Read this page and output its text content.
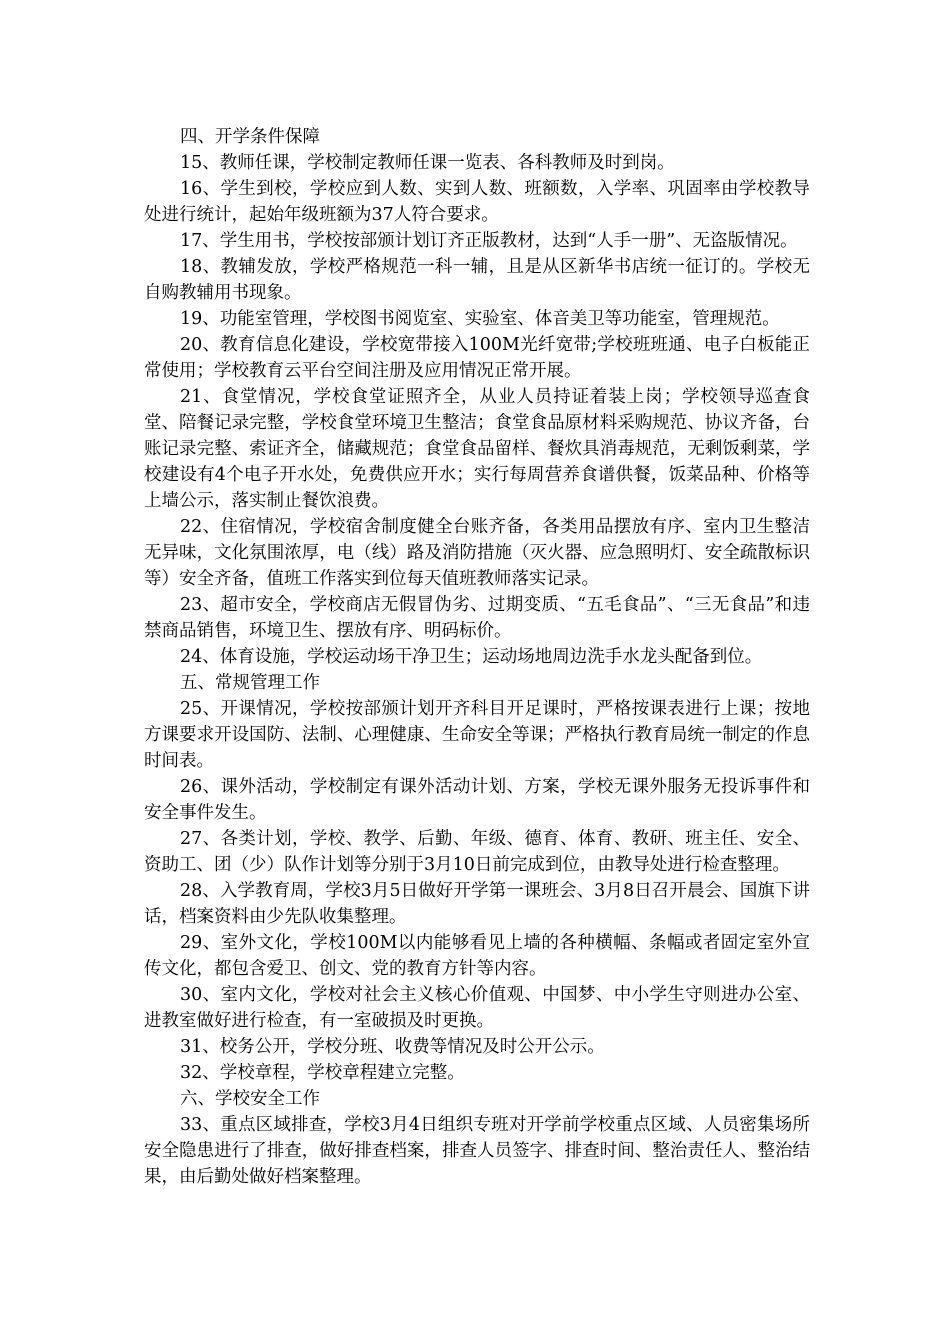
四、开学条件保障

15、教师任课，学校制定教师任课一览表、各科教师及时到岗。

16、学生到校，学校应到人数、实到人数、班额数，入学率、巩固率由学校教导处进行统计，起始年级班额为37人符合要求。

17、学生用书，学校按部颁计划订齐正版教材，达到“人手一册”、无盗版情况。

18、教辅发放，学校严格规范一科一辅，且是从区新华书店统一征订的。学校无自购教辅用书现象。

19、功能室管理，学校图书阅览室、实验室、体音美卫等功能室，管理规范。

20、教育信息化建设，学校宽带接入100M光纤宽带;学校班班通、电子白板能正常使用；学校教育云平台空间注册及应用情况正常开展。

21、食堂情况，学校食堂证照齐全，从业人员持证着装上岗；学校领导巡查食堂、陪餐记录完整，学校食堂环境卫生整洁；食堂食品原材料采购规范、协议齐备，台账记录完整、索证齐全，储藏规范；食堂食品留样、餐炊具消毒规范，无剩饭剩菜，学校建设有4个电子开水处，免费供应开水；实行每周营养食谱供餐，饭菜品种、价格等上墙公示，落实制止餐饮浪费。

22、住宿情况，学校宿舍制度健全台账齐备，各类用品摆放有序、室内卫生整洁无异味，文化氛围浓厚，电（线）路及消防措施（灭火器、应急照明灯、安全疏散标识等）安全齐备，值班工作落实到位每天值班教师落实记录。

23、超市安全，学校商店无假冒伪劣、过期变质、“五毛食品”、“三无食品”和违禁商品销售，环境卫生、摆放有序、明码标价。

24、体育设施，学校运动场干净卫生；运动场地周边洗手水龙头配备到位。

五、常规管理工作

25、开课情况，学校按部颁计划开齐科目开足课时，严格按课表进行上课；按地方课要求开设国防、法制、心理健康、生命安全等课；严格执行教育局统一制定的作息时间表。

26、课外活动，学校制定有课外活动计划、方案，学校无课外服务无投诉事件和安全事件发生。

27、各类计划，学校、教学、后勤、年级、德育、体育、教研、班主任、安全、资助工、团（少）队作计划等分别于3月10日前完成到位，由教导处进行检查整理。

28、入学教育周，学校3月5日做好开学第一课班会、3月8日召开晨会、国旗下讲话，档案资料由少先队收集整理。

29、室外文化，学校100M以内能够看见上墙的各种横幅、条幅或者固定室外宣传文化，都包含爱卫、创文、党的教育方针等内容。

30、室内文化，学校对社会主义核心价值观、中国梦、中小学生守则进办公室、进教室做好进行检查，有一室破损及时更换。

31、校务公开，学校分班、收费等情况及时公开公示。

32、学校章程，学校章程建立完整。

六、学校安全工作

33、重点区域排查，学校3月4日组织专班对开学前学校重点区域、人员密集场所安全隐患进行了排查，做好排查档案，排查人员签字、排查时间、整治责任人、整治结果，由后勤处做好档案整理。
